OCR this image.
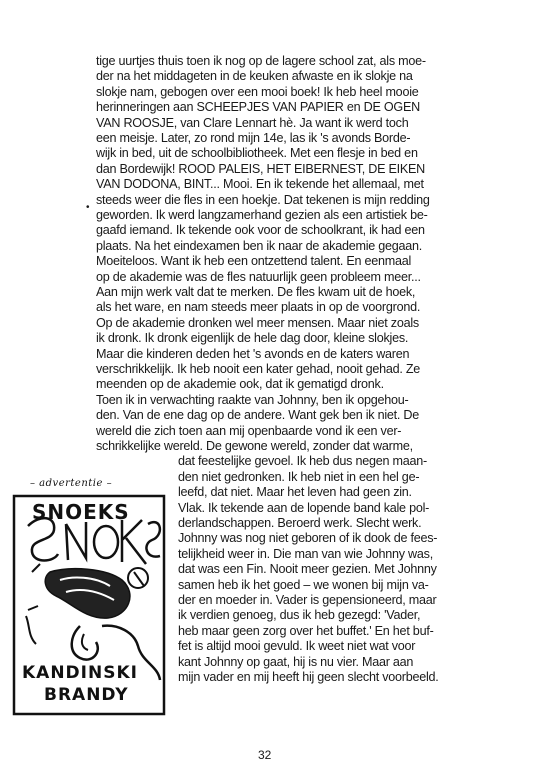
tige uurtjes thuis toen ik nog op de lagere school zat, als moe-
der na het middageten in de keuken afwaste en ik slokje na
slokje nam, gebogen over een mooi boek! Ik heb heel mooie
herinneringen aan SCHEEPJES VAN PAPIER en DE OGEN
VAN ROOSJE, van Clare Lennart hè. Ja want ik werd toch
een meisje. Later, zo rond mijn 14e, las ik 's avonds Borde-
wijk in bed, uit de schoolbibliotheek. Met een flesje in bed en
dan Bordewijk! ROOD PALEIS, HET EIBERNEST, DE EIKEN
VAN DODONA, BINT... Mooi. En ik tekende het allemaal, met
steeds weer die fles in een hoekje. Dat tekenen is mijn redding
geworden. Ik werd langzamerhand gezien als een artistiek be-
gaafd iemand. Ik tekende ook voor de schoolkrant, ik had een
plaats. Na het eindexamen ben ik naar de akademie gegaan.
Moeiteloos. Want ik heb een ontzettend talent. En eenmaal
op de akademie was de fles natuurlijk geen probleem meer...
Aan mijn werk valt dat te merken. De fles kwam uit de hoek,
als het ware, en nam steeds meer plaats in op de voorgrond.
Op de akademie dronken wel meer mensen. Maar niet zoals
ik dronk. Ik dronk eigenlijk de hele dag door, kleine slokjes.
Maar die kinderen deden het 's avonds en de katers waren
verschrikkelijk. Ik heb nooit een kater gehad, nooit gehad. Ze
meenden op de akademie ook, dat ik gematigd dronk.
Toen ik in verwachting raakte van Johnny, ben ik opgehou-
den. Van de ene dag op de andere. Want gek ben ik niet. De
wereld die zich toen aan mij openbaarde vond ik een ver-
schrikkelijke wereld. De gewone wereld, zonder dat warme,
dat feestelijke gevoel. Ik heb dus negen maan-
den niet gedronken. Ik heb niet in een hel ge-
leefd, dat niet. Maar het leven had geen zin.
Vlak. Ik tekende aan de lopende band kale pol-
derlandschappen. Beroerd werk. Slecht werk.
Johnny was nog niet geboren of ik dook de fees-
telijkheid weer in. Die man van wie Johnny was,
dat was een Fin. Nooit meer gezien. Met Johnny
samen heb ik het goed – we wonen bij mijn va-
der en moeder in. Vader is gepensioneerd, maar
ik verdien genoeg, dus ik heb gezegd: 'Vader,
heb maar geen zorg over het buffet.' En het buf-
fet is altijd mooi gevuld. Ik weet niet wat voor
kant Johnny op gaat, hij is nu vier. Maar aan
mijn vader en mij heeft hij geen slecht voorbeeld.
•
– advertentie –
SNOEKS
KANDINSKI
BRANDY
32
